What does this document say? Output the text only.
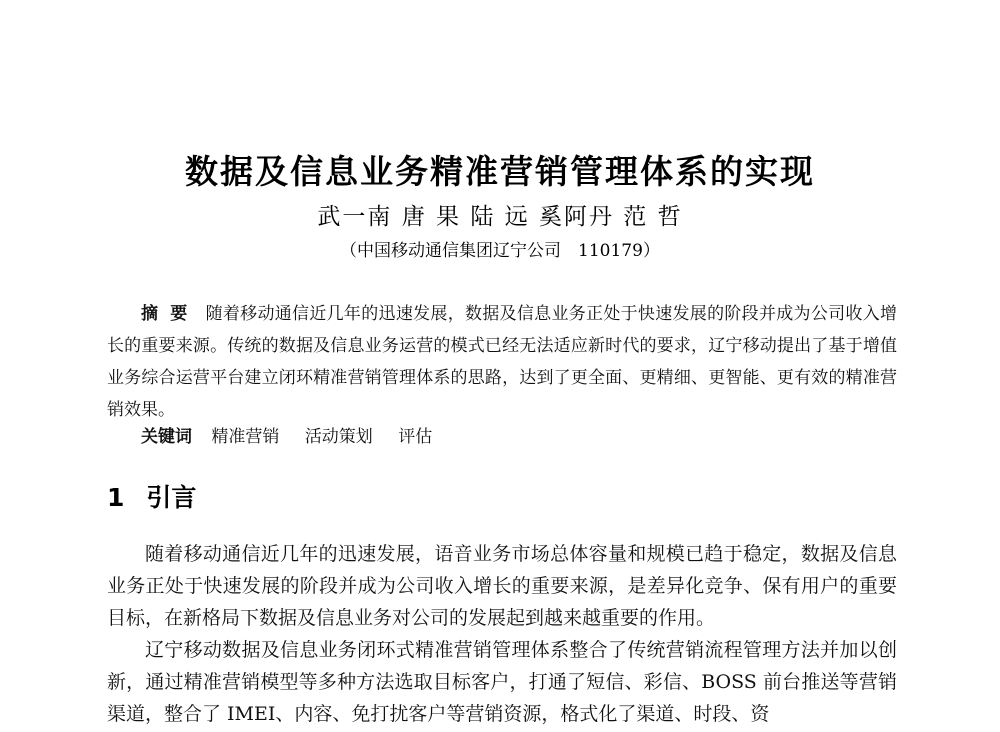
数据及信息业务精准营销管理体系的实现
武一南 唐 果 陆 远 奚阿丹 范 哲
（中国移动通信集团辽宁公司　110179）
摘要 随着移动通信近几年的迅速发展，数据及信息业务正处于快速发展的阶段并成为公司收入增长的重要来源。传统的数据及信息业务运营的模式已经无法适应新时代的要求，辽宁移动提出了基于增值业务综合运营平台建立闭环精准营销管理体系的思路，达到了更全面、更精细、更智能、更有效的精准营销效果。
关键词 精准营销 活动策划 评估
1 引言

随着移动通信近几年的迅速发展，语音业务市场总体容量和规模已趋于稳定，数据及信息业务正处于快速发展的阶段并成为公司收入增长的重要来源，是差异化竞争、保有用户的重要目标，在新格局下数据及信息业务对公司的发展起到越来越重要的作用。

辽宁移动数据及信息业务闭环式精准营销管理体系整合了传统营销流程管理方法并加以创新，通过精准营销模型等多种方法选取目标客户，打通了短信、彩信、BOSS 前台推送等营销渠道，整合了 IMEI、内容、免打扰客户等营销资源，格式化了渠道、时段、资
